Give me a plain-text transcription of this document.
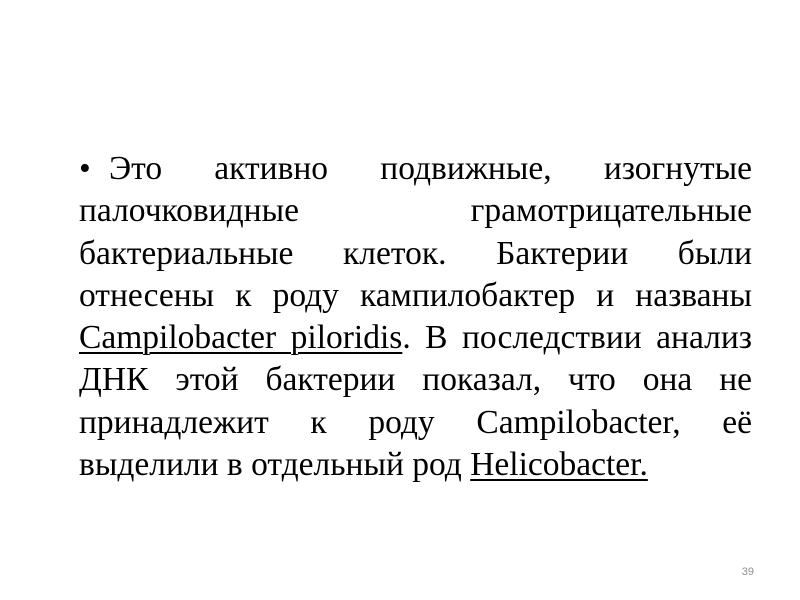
• Это активно подвижные, изогнутые палочковидные грамотрицательные бактериальные клеток. Бактерии были отнесены к роду кампилобактер и названы Campilobacter piloridis. В последствии анализ ДНК этой бактерии показал, что она не принадлежит к роду Campilobacter, её выделили в отдельный род Helicobacter.
39
